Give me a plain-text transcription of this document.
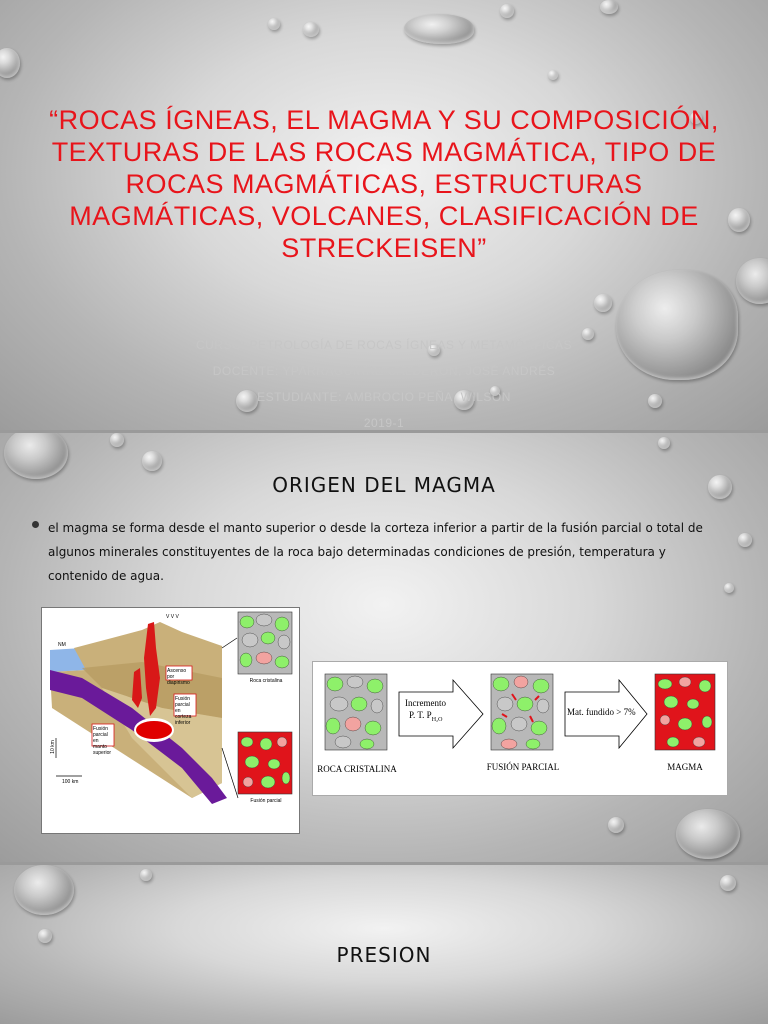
“ROCAS ÍGNEAS, EL MAGMA Y SU COMPOSICIÓN, TEXTURAS DE LAS ROCAS MAGMÁTICA, TIPO DE ROCAS MAGMÁTICAS, ESTRUCTURAS MAGMÁTICAS, VOLCANES, CLASIFICACIÓN DE STRECKEISEN”
CURSO: PETROLOGÍA DE ROCAS ÍGNEAS Y METAMÓRFICAS
DOCENTE: YPARRAGUIRRE CALDERÓN, JOSÉ ANDRÉS
ESTUDIANTE: AMBROCIO PEÑA, WILSON
2019-1
ORIGEN DEL MAGMA

el magma se forma desde el manto superior o desde la corteza inferior a partir de la fusión parcial o total de algunos minerales constituyentes de la roca bajo determinadas condiciones de presión, temperatura y contenido de agua.

NM
V V V
Ascenso por diapirismo
Fusión parcial en corteza inferior
Fusión parcial en manto superior
10 km
100 km
Roca cristalina
Fusión parcial
ROCA CRISTALINA
Incremento
P. T. $P_{H_2O}$
FUSIÓN PARCIAL
Mat. fundido > 7%
MAGMA
PRESION
